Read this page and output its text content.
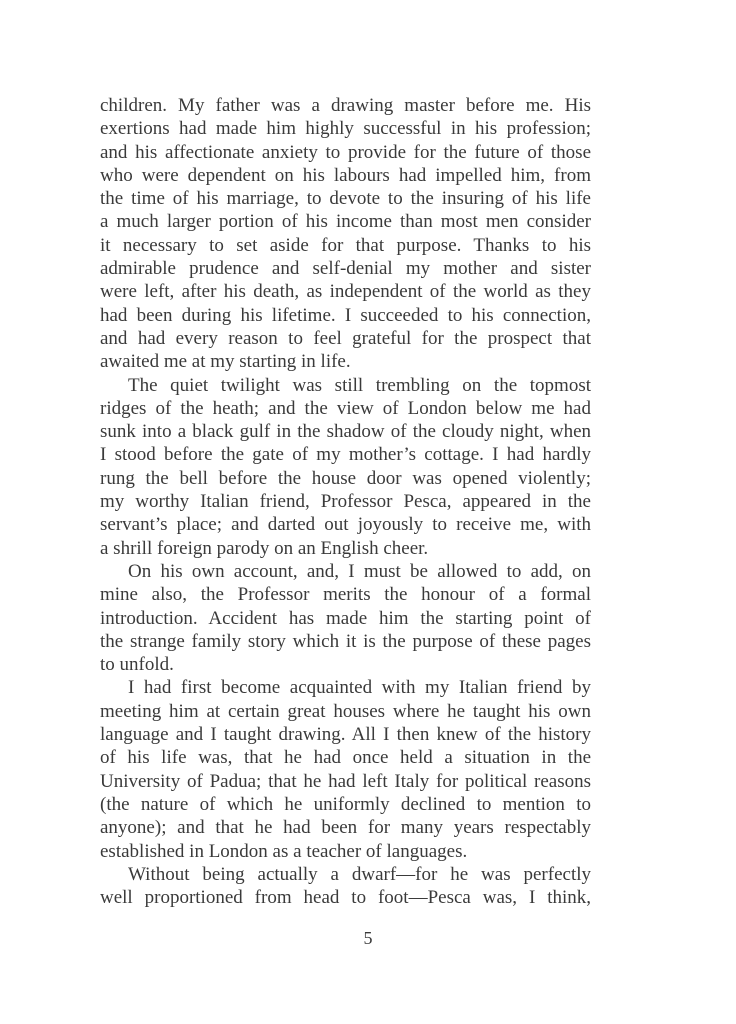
children. My father was a drawing master before me. His
exertions had made him highly successful in his profession;
and his affectionate anxiety to provide for the future of those
who were dependent on his labours had impelled him, from
the time of his marriage, to devote to the insuring of his life
a much larger portion of his income than most men consider
it necessary to set aside for that purpose. Thanks to his
admirable prudence and self-denial my mother and sister
were left, after his death, as independent of the world as they
had been during his lifetime. I succeeded to his connection,
and had every reason to feel grateful for the prospect that
awaited me at my starting in life.
The quiet twilight was still trembling on the topmost
ridges of the heath; and the view of London below me had
sunk into a black gulf in the shadow of the cloudy night, when
I stood before the gate of my mother’s cottage. I had hardly
rung the bell before the house door was opened violently;
my worthy Italian friend, Professor Pesca, appeared in the
servant’s place; and darted out joyously to receive me, with
a shrill foreign parody on an English cheer.
On his own account, and, I must be allowed to add, on
mine also, the Professor merits the honour of a formal
introduction. Accident has made him the starting point of
the strange family story which it is the purpose of these pages
to unfold.
I had first become acquainted with my Italian friend by
meeting him at certain great houses where he taught his own
language and I taught drawing. All I then knew of the history
of his life was, that he had once held a situation in the
University of Padua; that he had left Italy for political reasons
(the nature of which he uniformly declined to mention to
anyone); and that he had been for many years respectably
established in London as a teacher of languages.
Without being actually a dwarf—for he was perfectly
well proportioned from head to foot—Pesca was, I think,
5
